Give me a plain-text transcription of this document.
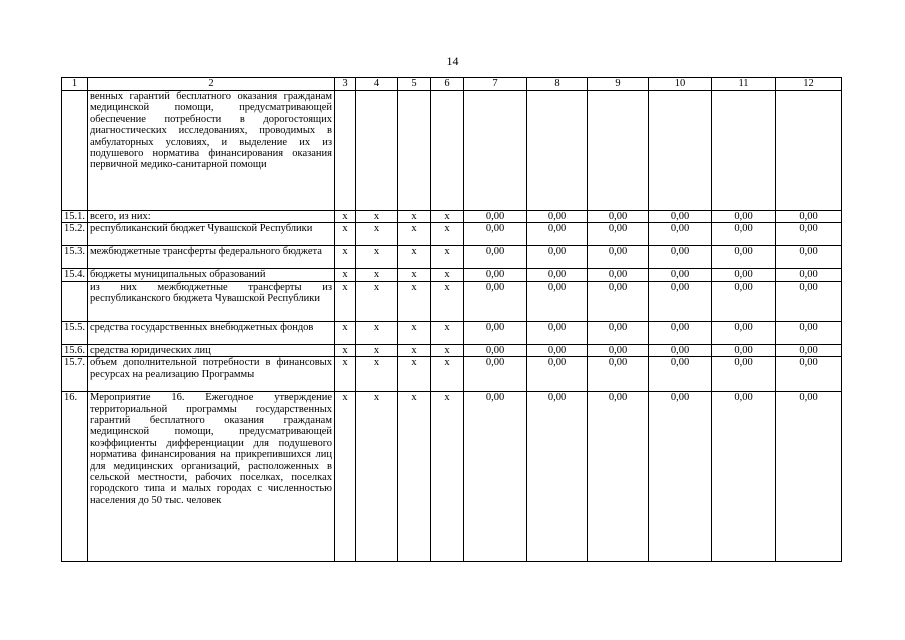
14
1	2	3	4	5	6	7	8	9	10	11	12
	венных гарантий бесплатного оказания гражданам медицинской помощи, предусматривающей обеспечение потребности в дорогостоящих диагностических исследованиях, проводимых в амбулаторных условиях, и выделение их из подушевого норматива финансирования оказания первичной медико-санитарной помощи										
15.1.	всего, из них:	x	x	x	x	0,00	0,00	0,00	0,00	0,00	0,00
15.2.	республиканский бюджет Чувашской Республики	x	x	x	x	0,00	0,00	0,00	0,00	0,00	0,00
15.3.	межбюджетные трансферты федерального бюджета	x	x	x	x	0,00	0,00	0,00	0,00	0,00	0,00
15.4.	бюджеты муниципальных образований	x	x	x	x	0,00	0,00	0,00	0,00	0,00	0,00
	из них межбюджетные трансферты из республиканского бюджета Чувашской Республики	x	x	x	x	0,00	0,00	0,00	0,00	0,00	0,00
15.5.	средства государственных внебюджетных фондов	x	x	x	x	0,00	0,00	0,00	0,00	0,00	0,00
15.6.	средства юридических лиц	x	x	x	x	0,00	0,00	0,00	0,00	0,00	0,00
15.7.	объем дополнительной потребности в финансовых ресурсах на реализацию Программы	x	x	x	x	0,00	0,00	0,00	0,00	0,00	0,00
16.	Мероприятие 16. Ежегодное утверждение территориальной программы государственных гарантий бесплатного оказания гражданам медицинской помощи, предусматривающей коэффициенты дифференциации для подушевого норматива финансирования на прикрепившихся лиц для медицинских организаций, расположенных в сельской местности, рабочих поселках, поселках городского типа и малых городах с численностью населения до 50 тыс. человек	x	x	x	x	0,00	0,00	0,00	0,00	0,00	0,00
